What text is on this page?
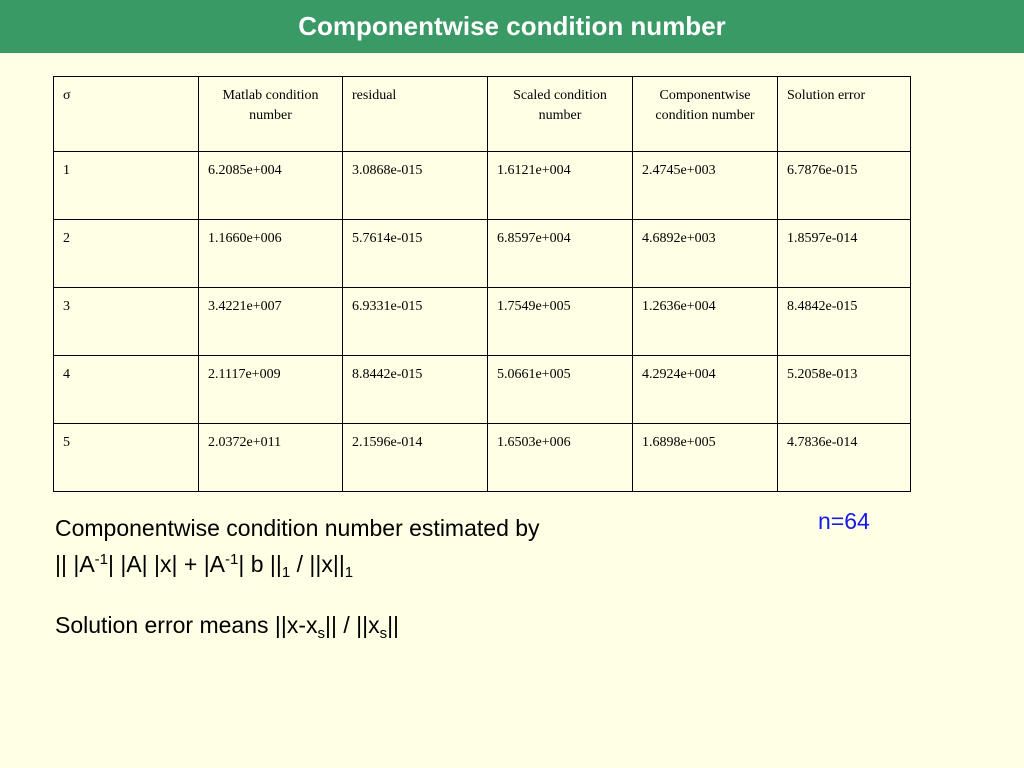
Componentwise condition number
σ	Matlab condition number	residual	Scaled condition number	Componentwise condition number	Solution error
1	6.2085e+004	3.0868e-015	1.6121e+004	2.4745e+003	6.7876e-015
2	1.1660e+006	5.7614e-015	6.8597e+004	4.6892e+003	1.8597e-014
3	3.4221e+007	6.9331e-015	1.7549e+005	1.2636e+004	8.4842e-015
4	2.1117e+009	8.8442e-015	5.0661e+005	4.2924e+004	5.2058e-013
5	2.0372e+011	2.1596e-014	1.6503e+006	1.6898e+005	4.7836e-014
n=64
Componentwise condition number estimated by
|| $|A^{-1}|$ |A| $|x| + |A^{-1}|$ b $||_1 / ||x||_1$
Solution error means $||x-x_s|| / ||x_s||$
